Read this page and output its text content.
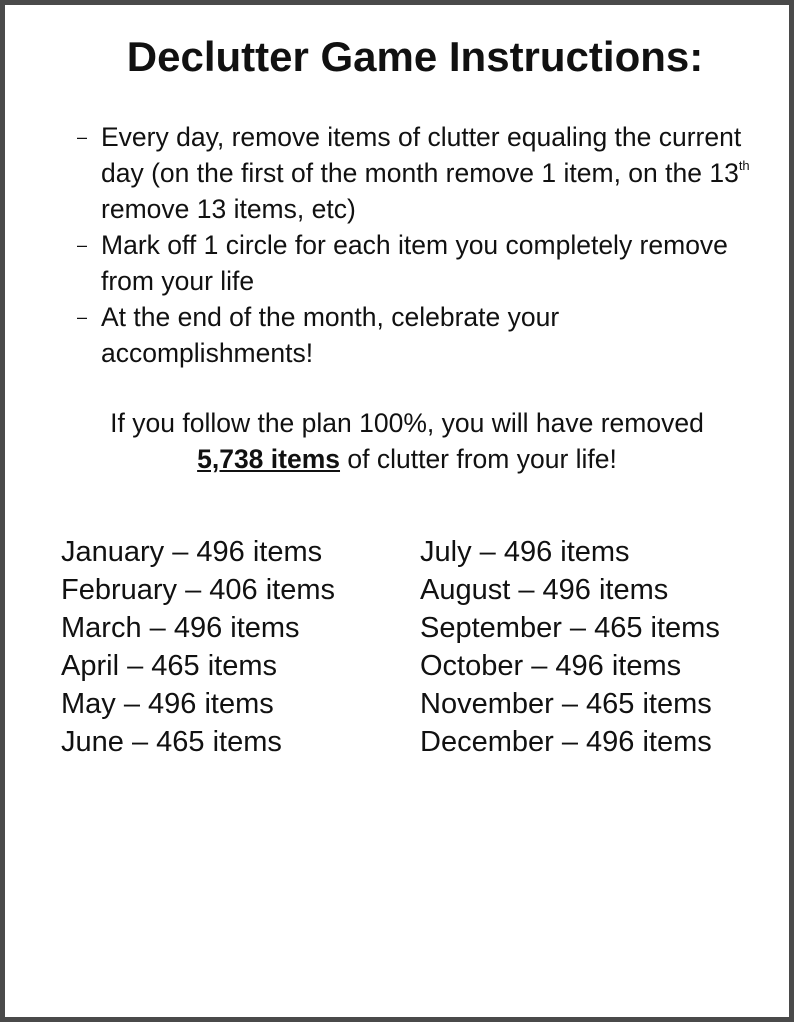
Declutter Game Instructions:
– Every day, remove items of clutter equaling the current day (on the first of the month remove 1 item, on the 13th remove 13 items, etc)
– Mark off 1 circle for each item you completely remove from your life
– At the end of the month, celebrate your accomplishments!
If you follow the plan 100%, you will have removed
5,738 items of clutter from your life!
January – 496 items
February – 406 items
March – 496 items
April – 465 items
May – 496 items
June – 465 items
July – 496 items
August – 496 items
September – 465 items
October – 496 items
November – 465 items
December – 496 items
